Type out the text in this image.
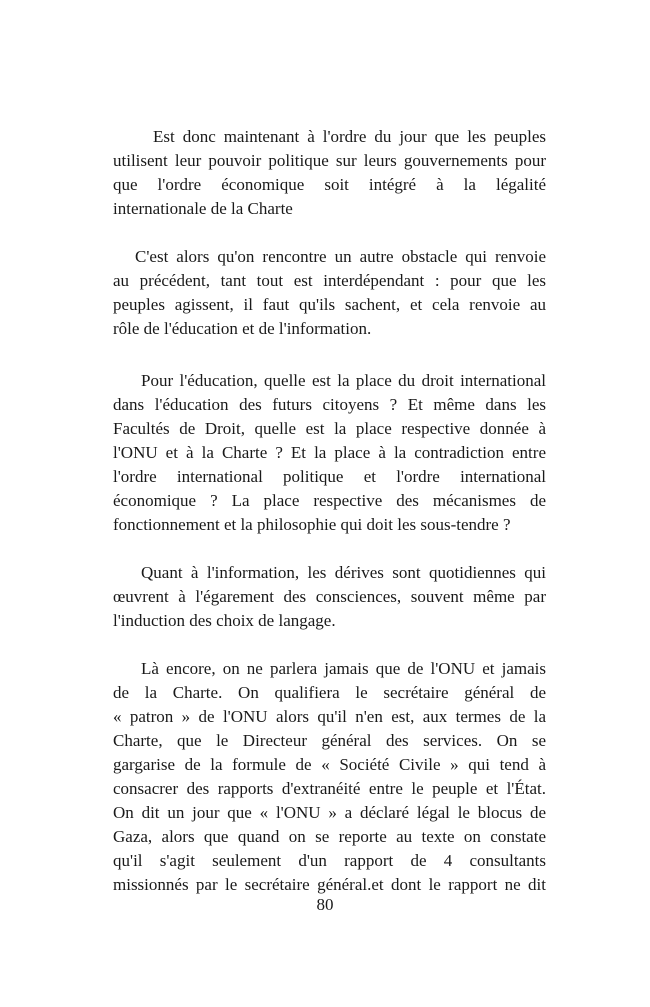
Est donc maintenant à l'ordre du jour que les peuples
utilisent leur pouvoir politique sur leurs gouvernements pour
que l'ordre économique soit intégré à la légalité
internationale de la Charte
C'est alors qu'on rencontre un autre obstacle qui renvoie
au précédent, tant tout est interdépendant : pour que les
peuples agissent, il faut qu'ils sachent, et cela renvoie au
rôle de l'éducation et de l'information.
Pour l'éducation, quelle est la place du droit international
dans l'éducation des futurs citoyens ? Et même dans les
Facultés de Droit, quelle est la place respective donnée à
l'ONU et à la Charte ? Et la place à la contradiction entre
l'ordre international politique et l'ordre international
économique ? La place respective des mécanismes de
fonctionnement et la philosophie qui doit les sous-tendre ?
Quant à l'information, les dérives sont quotidiennes qui
œuvrent à l'égarement des consciences, souvent même par
l'induction des choix de langage.
Là encore, on ne parlera jamais que de l'ONU et jamais
de la Charte. On qualifiera le secrétaire général de
« patron » de l'ONU alors qu'il n'en est, aux termes de la
Charte, que le Directeur général des services. On se
gargarise de la formule de « Société Civile » qui tend à
consacrer des rapports d'extranéité entre le peuple et l'État.
On dit un jour que « l'ONU » a déclaré légal le blocus de
Gaza, alors que quand on se reporte au texte on constate
qu'il s'agit seulement d'un rapport de 4 consultants
missionnés par le secrétaire général.et dont le rapport ne dit
80
